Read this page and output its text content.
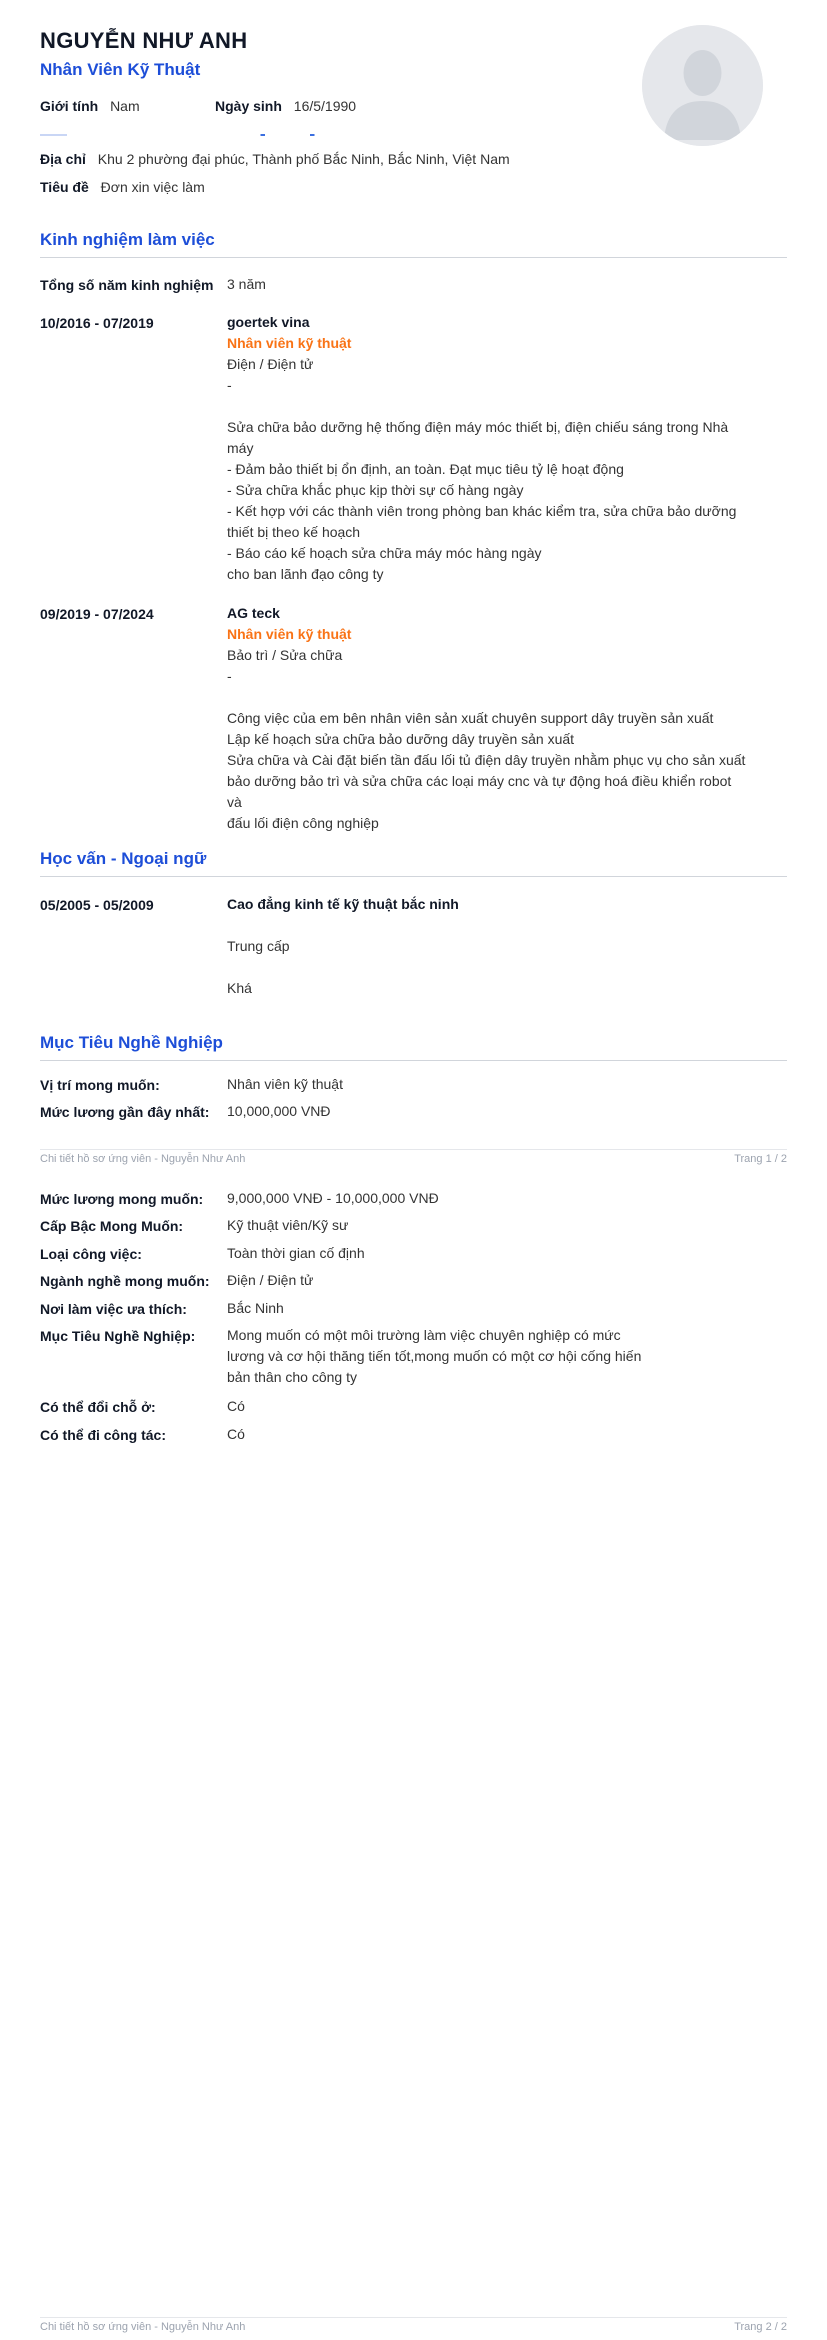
NGUYỄN NHƯ ANH
Nhân Viên Kỹ Thuật
Giới tính Nam	Ngày sinh 16/5/1990
Địa chỉ Khu 2 phường đại phúc, Thành phố Bắc Ninh, Bắc Ninh, Việt Nam
Tiêu đề Đơn xin việc làm
Kinh nghiệm làm việc
Tổng số năm kinh nghiệm 3 năm
10/2016 - 07/2019	goertek vina
Nhân viên kỹ thuật
Điện / Điện tử
-
Sửa chữa bảo dưỡng hệ thống điện máy móc thiết bị, điện chiếu sáng trong Nhà
máy
- Đảm bảo thiết bị ổn định, an toàn. Đạt mục tiêu tỷ lệ hoạt động
- Sửa chữa khắc phục kịp thời sự cố hàng ngày
- Kết hợp với các thành viên trong phòng ban khác kiểm tra, sửa chữa bảo dưỡng
thiết bị theo kế hoạch
- Báo cáo kế hoạch sửa chữa máy móc hàng ngày
cho ban lãnh đạo công ty
09/2019 - 07/2024	AG teck
Nhân viên kỹ thuật
Bảo trì / Sửa chữa
-
Công việc của em bên nhân viên sản xuất chuyên support dây truyền sản xuất
Lập kế hoạch sửa chữa bảo dưỡng dây truyền sản xuất
Sửa chữa và Cài đặt biến tần đấu lối tủ điện dây truyền nhằm phục vụ cho sản xuất
bảo dưỡng bảo trì và sửa chữa các loại máy cnc và tự động hoá điều khiển robot và
đấu lối điện công nghiệp
Học vấn - Ngoại ngữ
05/2005 - 05/2009	Cao đẳng kinh tế kỹ thuật bắc ninh
Trung cấp
Khá
Mục Tiêu Nghề Nghiệp
Vị trí mong muốn:	Nhân viên kỹ thuật
Mức lương gần đây nhất: 10,000,000 VNĐ
Chi tiết hồ sơ ứng viên - Nguyễn Như Anh	Trang 1 / 2
Mức lương mong muốn: 9,000,000 VNĐ - 10,000,000 VNĐ
Cấp Bậc Mong Muốn:	Kỹ thuật viên/Kỹ sư
Loại công việc:	Toàn thời gian cố định
Ngành nghề mong muốn: Điện / Điện tử
Nơi làm việc ưa thích:	Bắc Ninh
Mục Tiêu Nghề Nghiệp: Mong muốn có một môi trường làm việc chuyên nghiệp có mức
lương và cơ hội thăng tiến tốt,mong muốn có một cơ hội cống hiến
bản thân cho công ty
Có thể đổi chỗ ở:	Có
Có thể đi công tác:	Có
Chi tiết hồ sơ ứng viên - Nguyễn Như Anh	Trang 2 / 2
